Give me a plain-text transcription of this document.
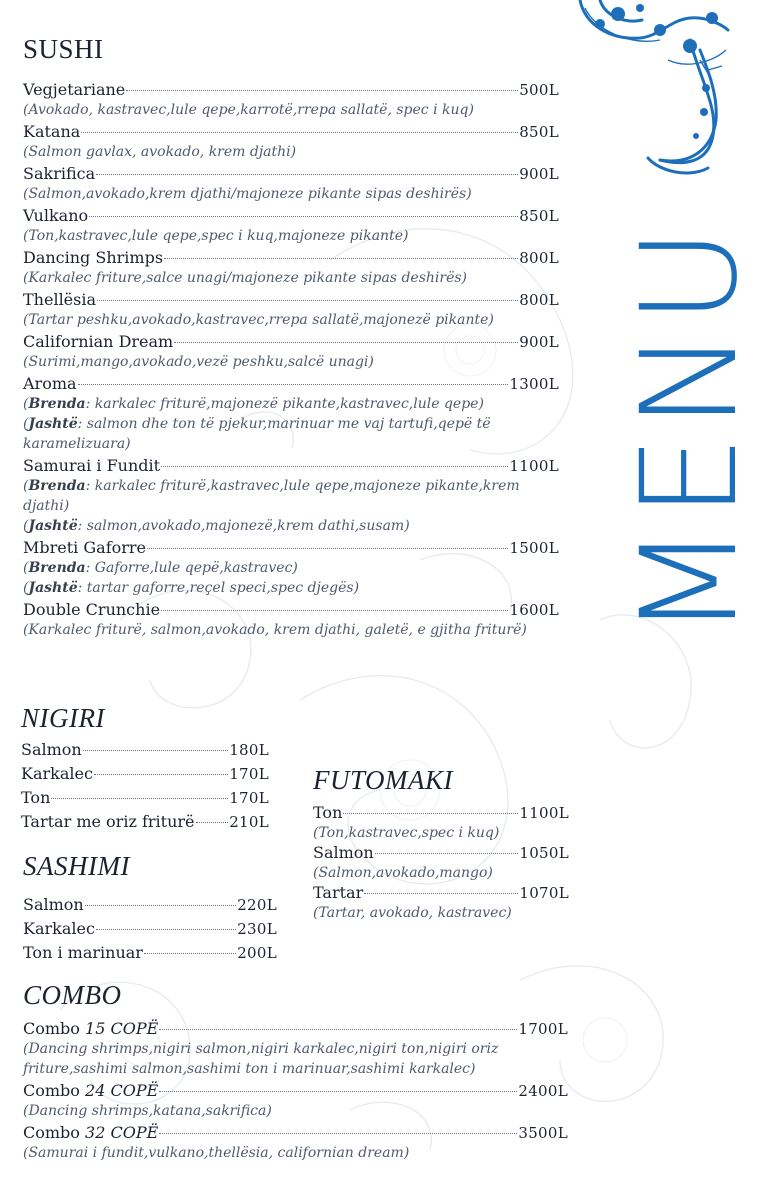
SUSHI
Vegjetariane	500L
(Avokado, kastravec,lule qepe,karrotë,rrepa sallatë, spec i kuq)
Katana	850L
(Salmon gavlax, avokado, krem djathi)
Sakrifica	900L
(Salmon,avokado,krem djathi/majoneze pikante sipas deshirës)
Vulkano	850L
(Ton,kastravec,lule qepe,spec i kuq,majoneze pikante)
Dancing Shrimps	800L
(Karkalec friture,salce unagi/majoneze pikante sipas deshirës)
Thellësia	800L
(Tartar peshku,avokado,kastravec,rrepa sallatë,majonezë pikante)
Californian Dream	900L
(Surimi,mango,avokado,vezë peshku,salcë unagi)
Aroma	1300L
(Brenda: karkalec friturë,majonezë pikante,kastravec,lule qepe)
(Jashtë: salmon dhe ton të pjekur,marinuar me vaj tartufi,qepë të karamelizuara)
Samurai i Fundit	1100L
(Brenda: karkalec friturë,kastravec,lule qepe,majoneze pikante,krem djathi)
(Jashtë: salmon,avokado,majonezë,krem dathi,susam)
Mbreti Gaforre	1500L
(Brenda: Gaforre,lule qepë,kastravec)
(Jashtë: tartar gaforre,reçel speci,spec djegës)
Double Crunchie	1600L
(Karkalec friturë, salmon,avokado, krem djathi, galetë, e gjitha friturë)
NIGIRI
Salmon	180L
Karkalec	170L
Ton	170L
Tartar me oriz friturë 210L
SASHIMI
Salmon	220L
Karkalec	230L
Ton i marinuar	200L
FUTOMAKI
Ton	1100L
(Ton,kastravec,spec i kuq)
Salmon	1050L
(Salmon,avokado,mango)
Tartar	1070L
(Tartar, avokado, kastravec)
COMBO
Combo 15 COPË	1700L
(Dancing shrimps,nigiri salmon,nigiri karkalec,nigiri ton,nigiri oriz friture,sashimi salmon,sashimi ton i marinuar,sashimi karkalec)
Combo 24 COPË	2400L
(Dancing shrimps,katana,sakrifica)
Combo 32 COPË	3500L
(Samurai i fundit,vulkano,thellësia, californian dream)
MENU
